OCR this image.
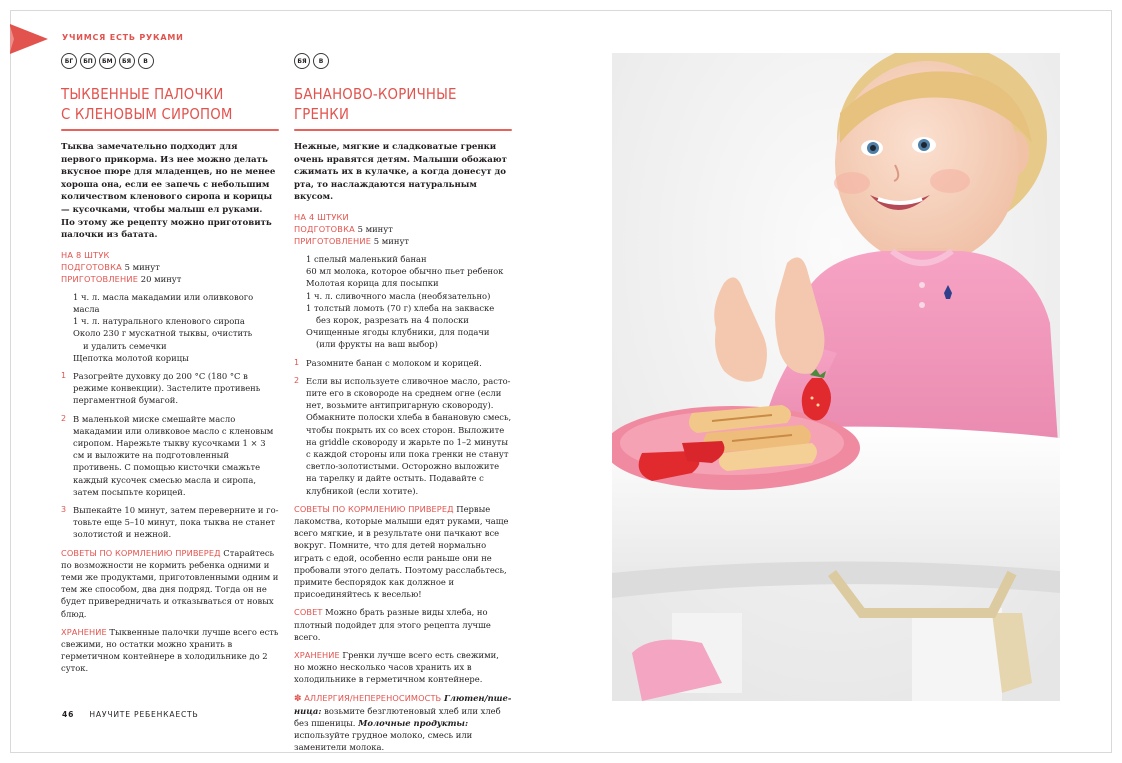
УЧИМСЯ ЕСТЬ РУКАМИ
БГ	БП	БМ	БЯ	В
ТЫКВЕННЫЕ ПАЛОЧКИ
С КЛЕНОВЫМ СИРОПОМ

Тыква замечательно подходит для первого прикорма. Из нее можно делать вкусное пюре для младенцев, но не менее хороша она, если ее запечь с небольшим количеством кленового сиропа и корицы — кусочками, чтобы малыш ел руками. По этому же рецепту можно приготовить палочки из батата.

НА 8 ШТУК
ПОДГОТОВКА 5 минут
ПРИГОТОВЛЕНИЕ 20 минут
1 ч. л. масла макадамии или оливкового масла
1 ч. л. натурального кленового сиропа
Около 230 г мускатной тыквы, очистить
и удалить семечки
Щепотка молотой корицы
1 Разогрейте духовку до 200 °С (180 °С в режиме конвекции). Застелите противень пергаментной бумагой.
2 В маленькой миске смешайте масло макадамии или оливковое масло с кленовым сиропом. Нарежьте тыкву кусочками 1 × 3 см и выложите на подготовленный противень. С помощью кисточки смажьте каждый кусочек смесью масла и сиропа, затем посыпьте корицей.
3 Выпекайте 10 минут, затем переверните и готовьте еще 5–10 минут, пока тыква не станет золотистой и нежной.

СОВЕТЫ ПО КОРМЛЕНИЮ ПРИВЕРЕД Старайтесь по возможности не кормить ребенка одними и теми же продуктами, приготовленными одним и тем же способом, два дня подряд. Тогда он не будет привередничать и отказываться от новых блюд.

ХРАНЕНИЕ Тыквенные палочки лучше всего есть свежими, но остатки можно хранить в герметичном контейнере в холодильнике до 2 суток.

БЯ	В
БАНАНОВО-КОРИЧНЫЕ
ГРЕНКИ

Нежные, мягкие и сладковатые гренки очень нравятся детям. Малыши обожают сжимать их в кулачке, а когда донесут до рта, то наслаждаются натуральным вкусом.

НА 4 ШТУКИ
ПОДГОТОВКА 5 минут
ПРИГОТОВЛЕНИЕ 5 минут
1 спелый маленький банан
60 мл молока, которое обычно пьет ребенок
Молотая корица для посыпки
1 ч. л. сливочного масла (необязательно)
1 толстый ломоть (70 г) хлеба на закваске
без корок, разрезать на 4 полоски
Очищенные ягоды клубники, для подачи
(или фрукты на ваш выбор)
1 Разомните банан с молоком и корицей.
2 Если вы используете сливочное масло, растопите его в сковороде на среднем огне (если нет, возьмите антипригарную сковороду). Обмакните полоски хлеба в банановую смесь, чтобы покрыть их со всех сторон. Выложите на griddle сковороду и жарьте по 1–2 минуты с каждой стороны или пока гренки не станут светло-золотистыми. Осторожно выложите на тарелку и дайте остыть. Подавайте с клубникой (если хотите).

СОВЕТЫ ПО КОРМЛЕНИЮ ПРИВЕРЕД Первые лакомства, которые малыши едят руками, чаще всего мягкие, и в результате они пачкают все вокруг. Помните, что для детей нормально играть с едой, особенно если раньше они не пробовали этого делать. Поэтому расслабьтесь, примите беспорядок как должное и присоединяйтесь к веселью!

СОВЕТ Можно брать разные виды хлеба, но плотный подойдет для этого рецепта лучше всего.

ХРАНЕНИЕ Гренки лучше всего есть свежими, но можно несколько часов хранить их в холодильнике в герметичном контейнере.

✽ АЛЛЕРГИЯ/НЕПЕРЕНОСИМОСТЬ Глютен/пшеница: возьмите безглютеновый хлеб или хлеб без пшеницы. Молочные продукты: используйте грудное молоко, смесь или заменители молока.

46 НАУЧИТЕ РЕБЕНКАЕСТЬ
